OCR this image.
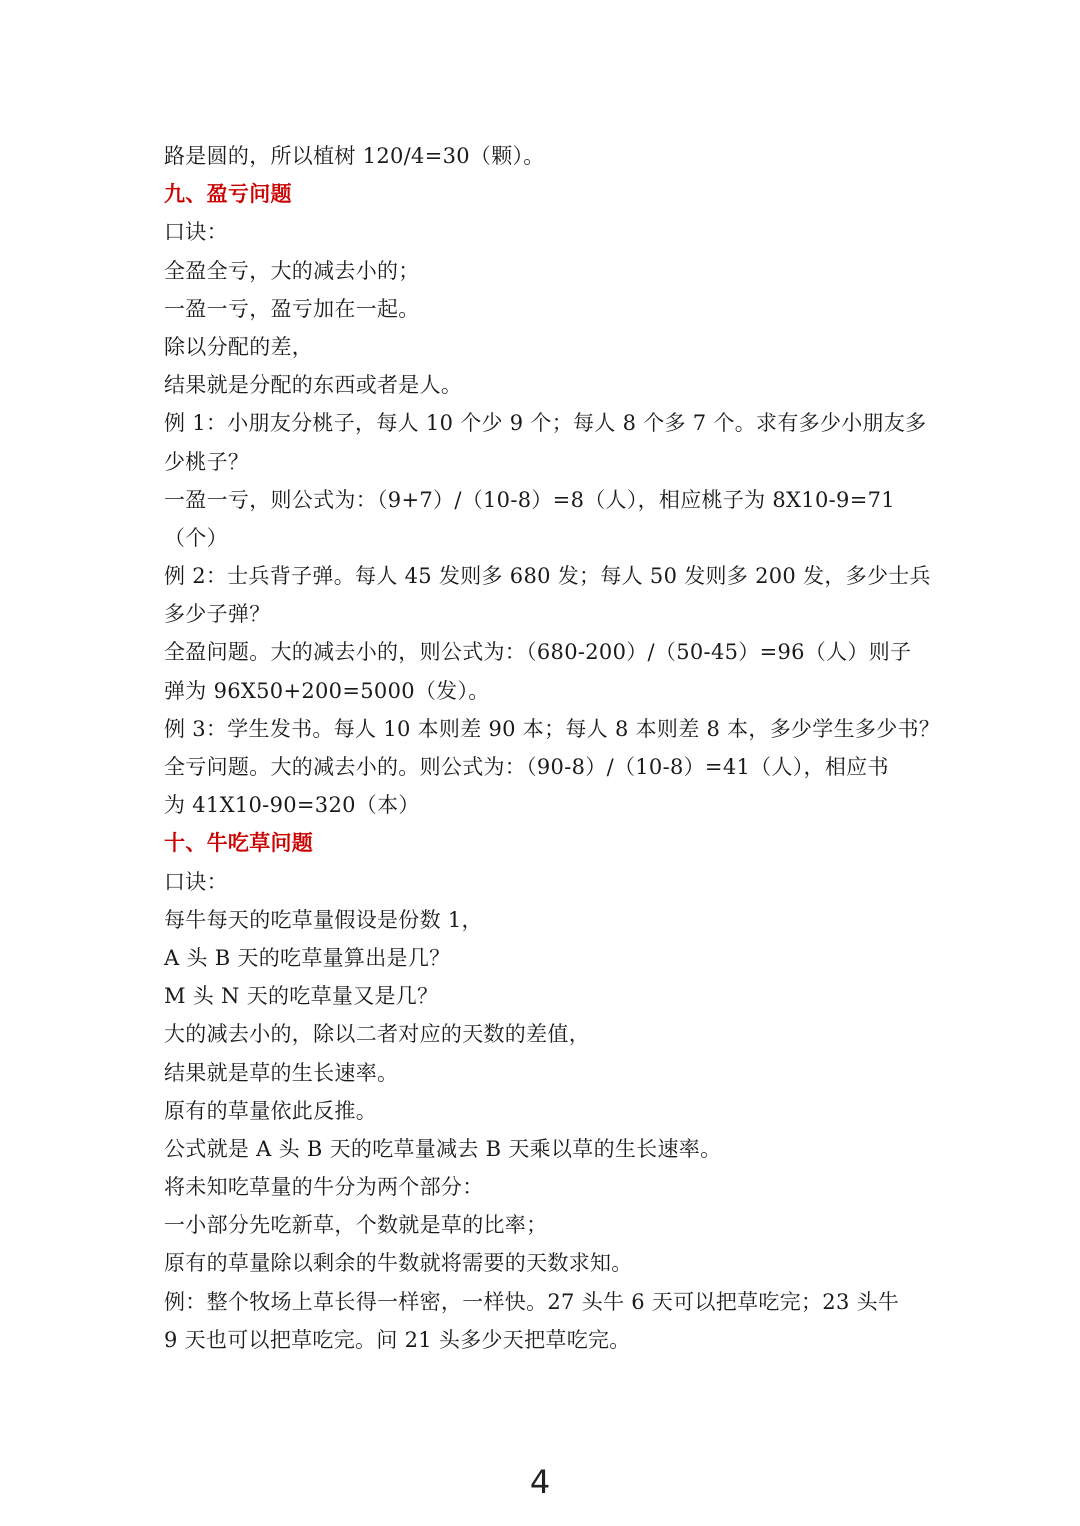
路是圆的，所以植树 120/4=30（颗）。
九、盈亏问题
口诀：
全盈全亏，大的减去小的；
一盈一亏，盈亏加在一起。
除以分配的差，
结果就是分配的东西或者是人。
例 1：小朋友分桃子，每人 10 个少 9 个；每人 8 个多 7 个。求有多少小朋友多
少桃子？
一盈一亏，则公式为：（9+7）/（10-8）=8（人），相应桃子为 8X10-9=71
（个）
例 2：士兵背子弹。每人 45 发则多 680 发；每人 50 发则多 200 发，多少士兵
多少子弹？
全盈问题。大的减去小的，则公式为：（680-200）/（50-45）=96（人）则子
弹为 96X50+200=5000（发）。
例 3：学生发书。每人 10 本则差 90 本；每人 8 本则差 8 本，多少学生多少书？
全亏问题。大的减去小的。则公式为：（90-8）/（10-8）=41（人），相应书
为 41X10-90=320（本）
十、牛吃草问题
口诀：
每牛每天的吃草量假设是份数 1，
A 头 B 天的吃草量算出是几？
M 头 N 天的吃草量又是几？
大的减去小的，除以二者对应的天数的差值，
结果就是草的生长速率。
原有的草量依此反推。
公式就是 A 头 B 天的吃草量减去 B 天乘以草的生长速率。
将未知吃草量的牛分为两个部分：
一小部分先吃新草，个数就是草的比率；
原有的草量除以剩余的牛数就将需要的天数求知。
例：整个牧场上草长得一样密，一样快。27 头牛 6 天可以把草吃完；23 头牛
9 天也可以把草吃完。问 21 头多少天把草吃完。
4
